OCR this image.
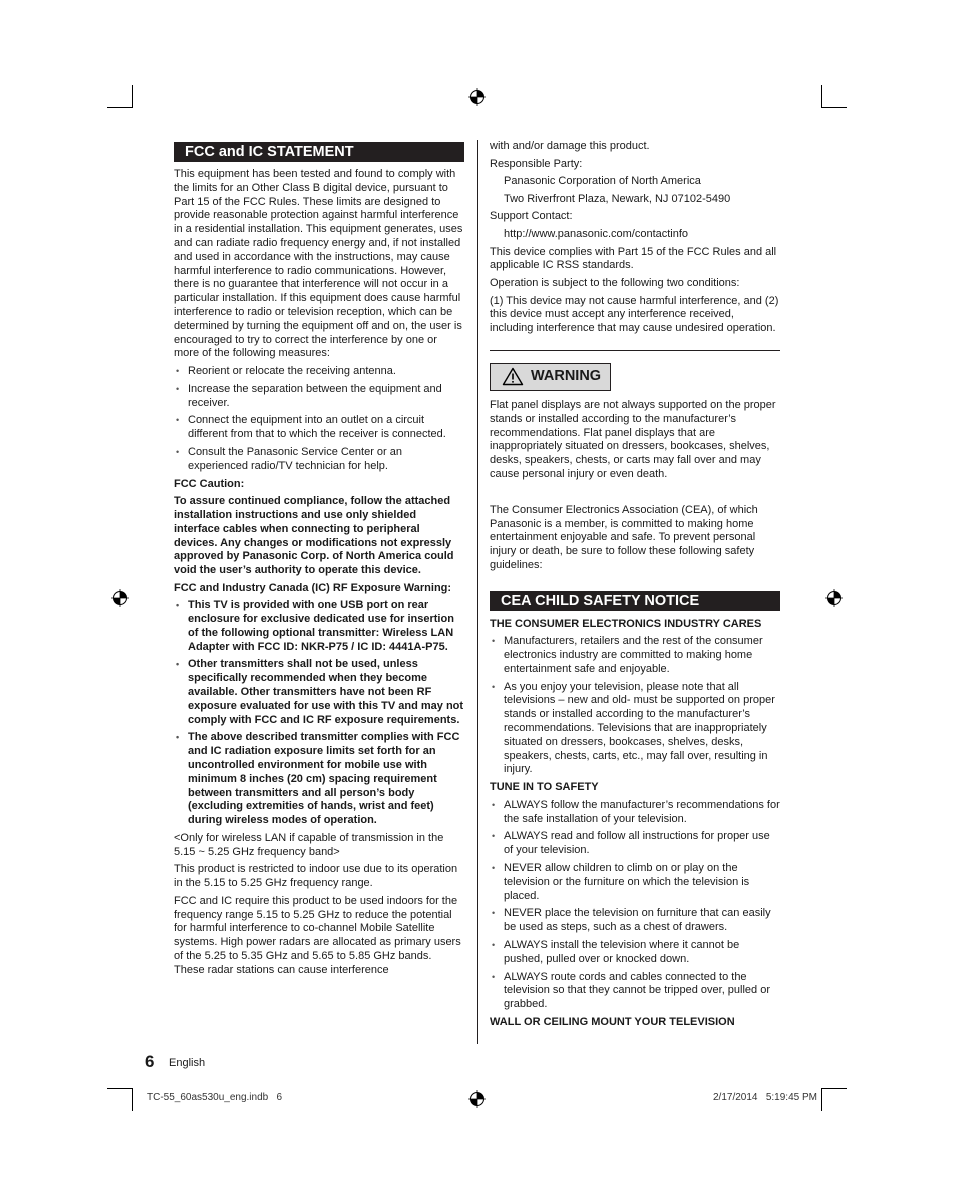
FCC and IC STATEMENT

This equipment has been tested and found to comply with the limits for an Other Class B digital device, pursuant to Part 15 of the FCC Rules. These limits are designed to provide reasonable protection against harmful interference in a residential installation. This equipment generates, uses and can radiate radio frequency energy and, if not installed and used in accordance with the instructions, may cause harmful interference to radio communications. However, there is no guarantee that interference will not occur in a particular installation. If this equipment does cause harmful interference to radio or television reception, which can be determined by turning the equipment off and on, the user is encouraged to try to correct the interference by one or more of the following measures:

• Reorient or relocate the receiving antenna.
• Increase the separation between the equipment and receiver.
• Connect the equipment into an outlet on a circuit different from that to which the receiver is connected.
• Consult the Panasonic Service Center or an experienced radio/TV technician for help.

FCC Caution:

To assure continued compliance, follow the attached installation instructions and use only shielded interface cables when connecting to peripheral devices. Any changes or modifications not expressly approved by Panasonic Corp. of North America could void the user’s authority to operate this device.

FCC and Industry Canada (IC) RF Exposure Warning:

• This TV is provided with one USB port on rear enclosure for exclusive dedicated use for insertion of the following optional transmitter: Wireless LAN Adapter with FCC ID: NKR-P75 / IC ID: 4441A-P75.
• Other transmitters shall not be used, unless specifically recommended when they become available. Other transmitters have not been RF exposure evaluated for use with this TV and may not comply with FCC and IC RF exposure requirements.
• The above described transmitter complies with FCC and IC radiation exposure limits set forth for an uncontrolled environment for mobile use with minimum 8 inches (20 cm) spacing requirement between transmitters and all person’s body (excluding extremities of hands, wrist and feet) during wireless modes of operation.

<Only for wireless LAN if capable of transmission in the 5.15 ~ 5.25 GHz frequency band>

This product is restricted to indoor use due to its operation in the 5.15 to 5.25 GHz frequency range.

FCC and IC require this product to be used indoors for the frequency range 5.15 to 5.25 GHz to reduce the potential for harmful interference to co-channel Mobile Satellite systems. High power radars are allocated as primary users of the 5.25 to 5.35 GHz and 5.65 to 5.85 GHz bands. These radar stations can cause interference

with and/or damage this product.

Responsible Party:

Panasonic Corporation of North America

Two Riverfront Plaza, Newark, NJ 07102-5490

Support Contact:

http://www.panasonic.com/contactinfo

This device complies with Part 15 of the FCC Rules and all applicable IC RSS standards.

Operation is subject to the following two conditions:

(1) This device may not cause harmful interference, and (2) this device must accept any interference received, including interference that may cause undesired operation.

WARNING

Flat panel displays are not always supported on the proper stands or installed according to the manufacturer’s recommendations. Flat panel displays that are inappropriately situated on dressers, bookcases, shelves, desks, speakers, chests, or carts may fall over and may cause personal injury or even death.

The Consumer Electronics Association (CEA), of which Panasonic is a member, is committed to making home entertainment enjoyable and safe. To prevent personal injury or death, be sure to follow these following safety guidelines:

CEA CHILD SAFETY NOTICE

THE CONSUMER ELECTRONICS INDUSTRY CARES

• Manufacturers, retailers and the rest of the consumer electronics industry are committed to making home entertainment safe and enjoyable.
• As you enjoy your television, please note that all televisions – new and old- must be supported on proper stands or installed according to the manufacturer’s recommendations. Televisions that are inappropriately situated on dressers, bookcases, shelves, desks, speakers, chests, carts, etc., may fall over, resulting in injury.

TUNE IN TO SAFETY

• ALWAYS follow the manufacturer’s recommendations for the safe installation of your television.
• ALWAYS read and follow all instructions for proper use of your television.
• NEVER allow children to climb on or play on the television or the furniture on which the television is placed.
• NEVER place the television on furniture that can easily be used as steps, such as a chest of drawers.
• ALWAYS install the television where it cannot be pushed, pulled over or knocked down.
• ALWAYS route cords and cables connected to the television so that they cannot be tripped over, pulled or grabbed.

WALL OR CEILING MOUNT YOUR TELEVISION

6 English
TC-55_60as530u_eng.indb   6	2/17/2014   5:19:45 PM
